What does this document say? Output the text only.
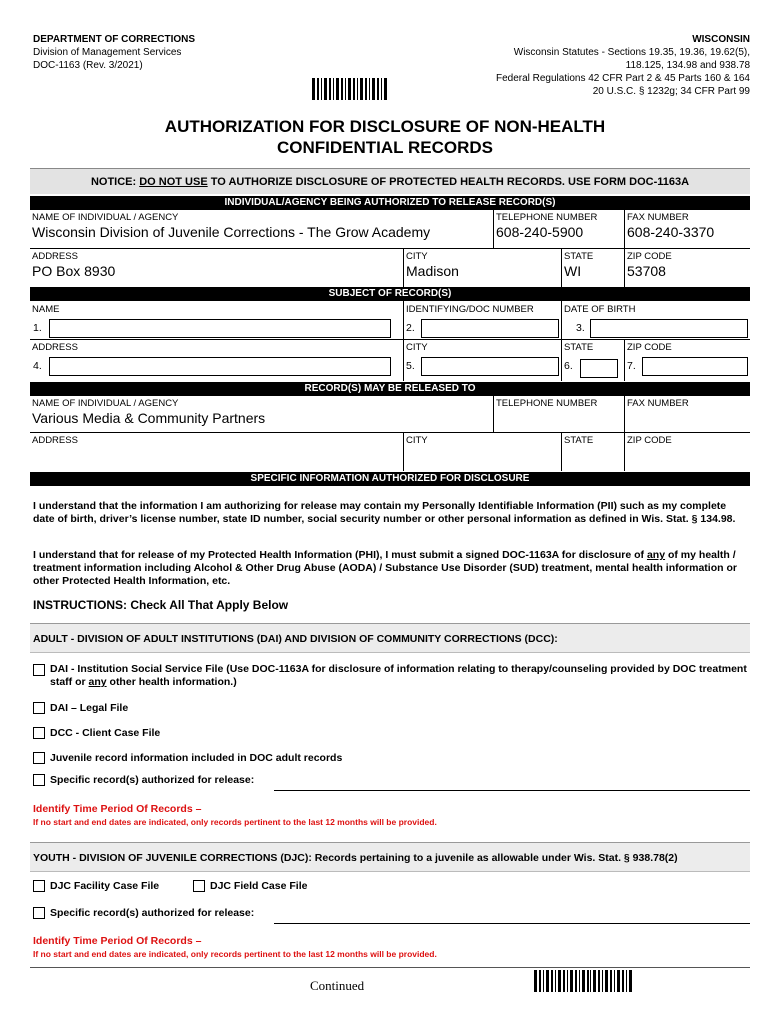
DEPARTMENT OF CORRECTIONS
Division of Management Services
DOC-1163 (Rev. 3/2021)
WISCONSIN
Wisconsin Statutes - Sections 19.35, 19.36, 19.62(5),
118.125, 134.98 and 938.78
Federal Regulations 42 CFR Part 2 & 45 Parts 160 & 164
20 U.S.C. § 1232g; 34 CFR Part 99
AUTHORIZATION FOR DISCLOSURE OF NON-HEALTH
CONFIDENTIAL RECORDS
NOTICE: DO NOT USE TO AUTHORIZE DISCLOSURE OF PROTECTED HEALTH RECORDS. USE FORM DOC-1163A
INDIVIDUAL/AGENCY BEING AUTHORIZED TO RELEASE RECORD(S)
NAME OF INDIVIDUAL / AGENCY
Wisconsin Division of Juvenile Corrections - The Grow Academy
TELEPHONE NUMBER
608-240-5900
FAX NUMBER
608-240-3370
ADDRESS
PO Box 8930
CITY
Madison
STATE
WI
ZIP CODE
53708
SUBJECT OF RECORD(S)
NAME	IDENTIFYING/DOC NUMBER	DATE OF BIRTH
1.	2.	3.
ADDRESS	CITY	STATE	ZIP CODE
4.	5.	6.	7.
RECORD(S) MAY BE RELEASED TO
NAME OF INDIVIDUAL / AGENCY
Various Media & Community Partners
TELEPHONE NUMBER	FAX NUMBER
ADDRESS	CITY	STATE	ZIP CODE
SPECIFIC INFORMATION AUTHORIZED FOR DISCLOSURE
I understand that the information I am authorizing for release may contain my Personally Identifiable Information (PII) such as my complete date of birth, driver’s license number, state ID number, social security number or other personal information as defined in Wis. Stat. § 134.98.
I understand that for release of my Protected Health Information (PHI), I must submit a signed DOC-1163A for disclosure of any of my health / treatment information including Alcohol & Other Drug Abuse (AODA) / Substance Use Disorder (SUD) treatment, mental health information or other Protected Health Information, etc.
INSTRUCTIONS: Check All That Apply Below
ADULT - DIVISION OF ADULT INSTITUTIONS (DAI) AND DIVISION OF COMMUNITY CORRECTIONS (DCC):
DAI - Institution Social Service File (Use DOC-1163A for disclosure of information relating to therapy/counseling provided by DOC treatment staff or any other health information.)
DAI – Legal File
DCC - Client Case File
Juvenile record information included in DOC adult records
Specific record(s) authorized for release:
Identify Time Period Of Records –
If no start and end dates are indicated, only records pertinent to the last 12 months will be provided.
YOUTH - DIVISION OF JUVENILE CORRECTIONS (DJC): Records pertaining to a juvenile as allowable under Wis. Stat. § 938.78(2)
DJC Facility Case File	DJC Field Case File
Specific record(s) authorized for release:
Identify Time Period Of Records –
If no start and end dates are indicated, only records pertinent to the last 12 months will be provided.
Continued
